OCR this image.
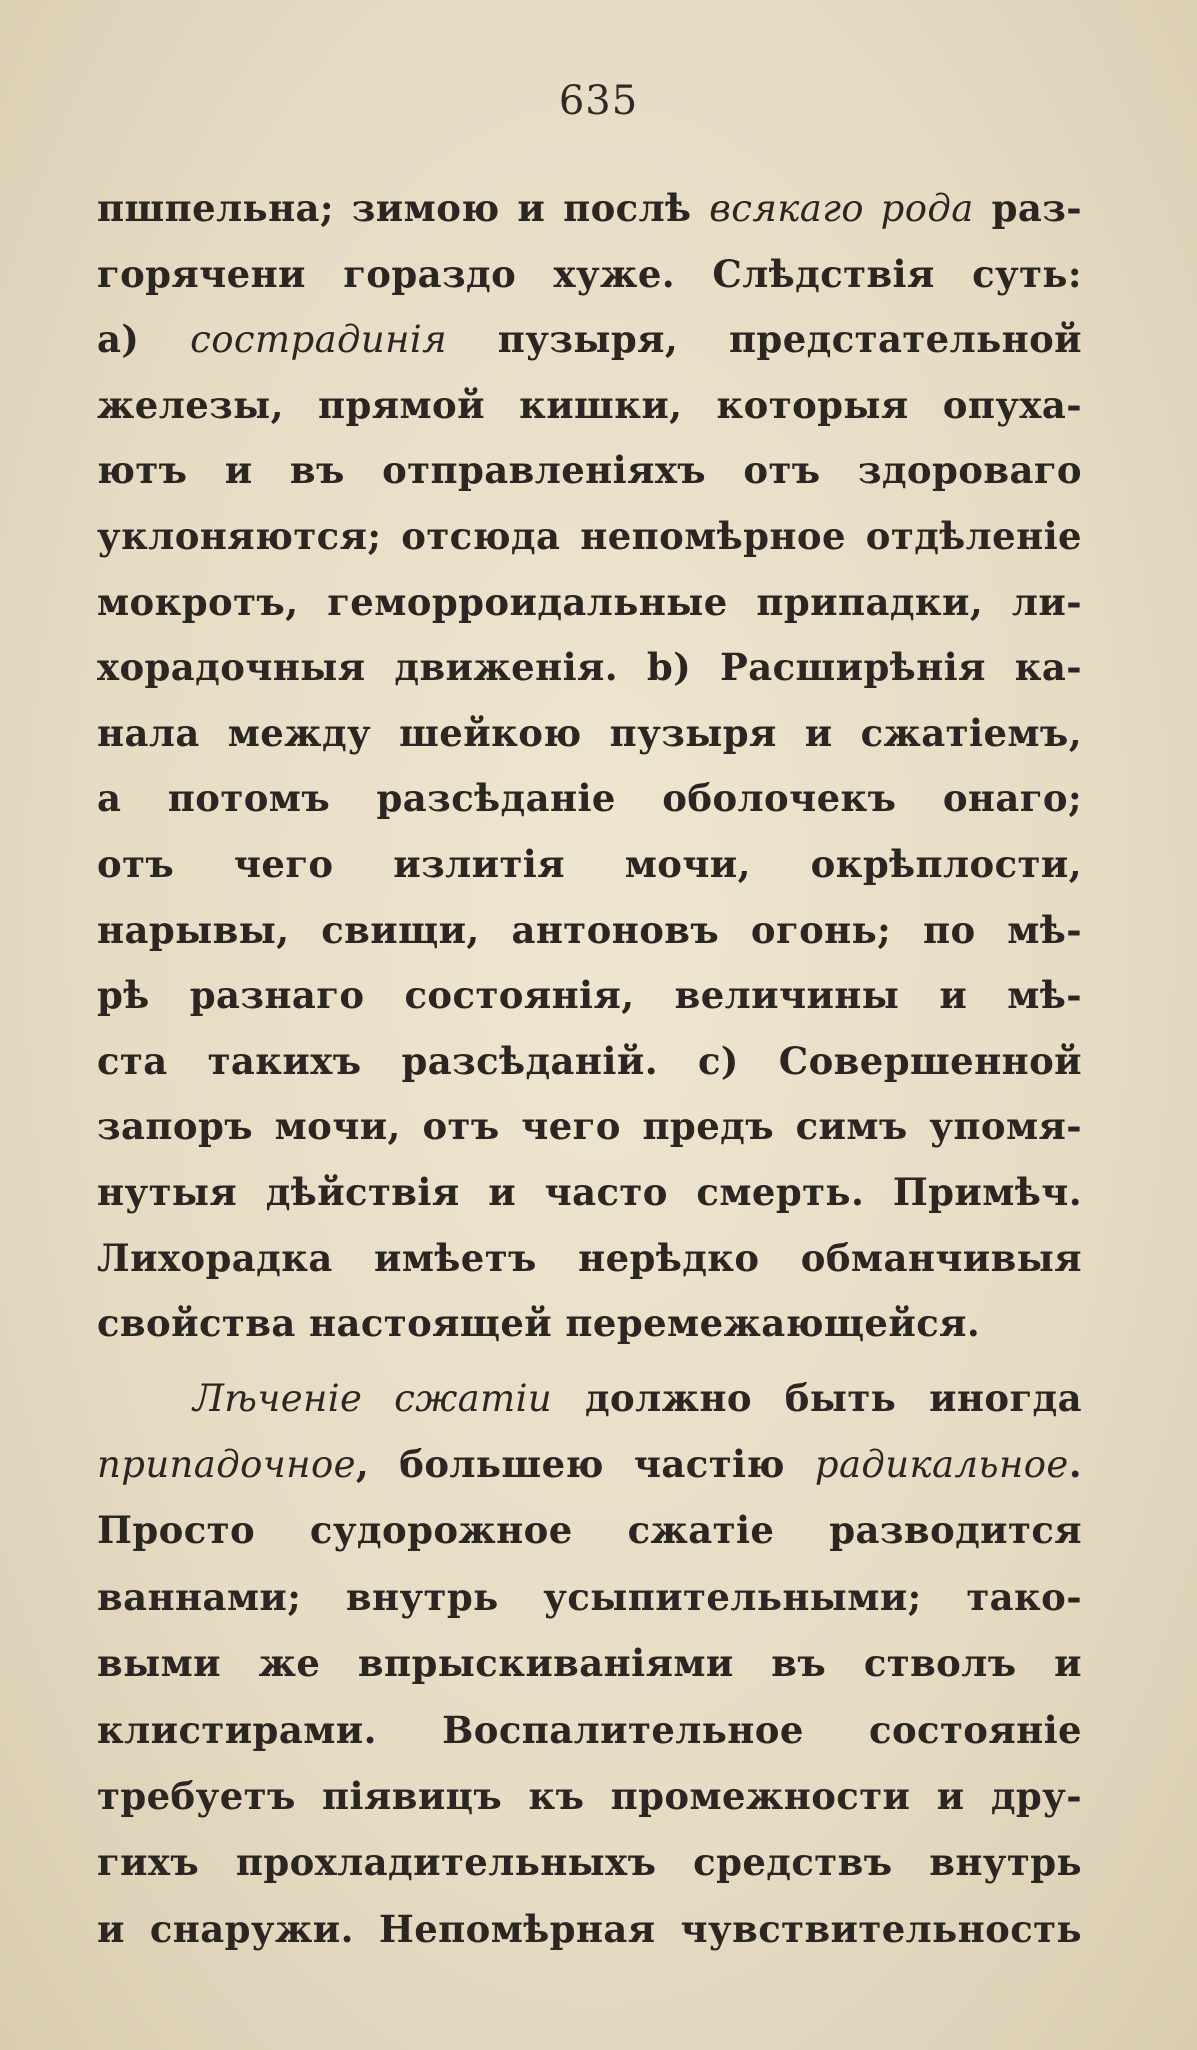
635
пшпельна; зимою и послѣ всякаго рода раз-
горячени гораздо хуже. Слѣдствія суть:
а) сострадинія пузыря, предстательной
железы, прямой кишки, которыя опуха-
ютъ и въ отправленіяхъ отъ здороваго
уклоняются; отсюда непомѣрное отдѣленіе
мокротъ, геморроидальные припадки, ли-
хорадочныя движенія. b) Расширѣнія ка-
нала между шейкою пузыря и сжатіемъ,
а потомъ разсѣданіе оболочекъ онаго;
отъ чего излитія мочи, окрѣплости,
нарывы, свищи, антоновъ огонь; по мѣ-
рѣ разнаго состоянія, величины и мѣ-
ста такихъ разсѣданій. с) Совершенной
запоръ мочи, отъ чего предъ симъ упомя-
нутыя дѣйствія и часто смерть. Примѣч.
Лихорадка имѣетъ нерѣдко обманчивыя
свойства настоящей перемежающейся.
Лѣченіе сжатіи должно быть иногда
припадочное, большею частію радикальное.
Просто судорожное сжатіе разводится
ваннами; внутрь усыпительными; тако-
выми же впрыскиваніями въ стволъ и
клистирами. Воспалительное состояніе
требуетъ піявицъ къ промежности и дру-
гихъ прохладительныхъ средствъ внутрь
и снаружи. Непомѣрная чувствительность
